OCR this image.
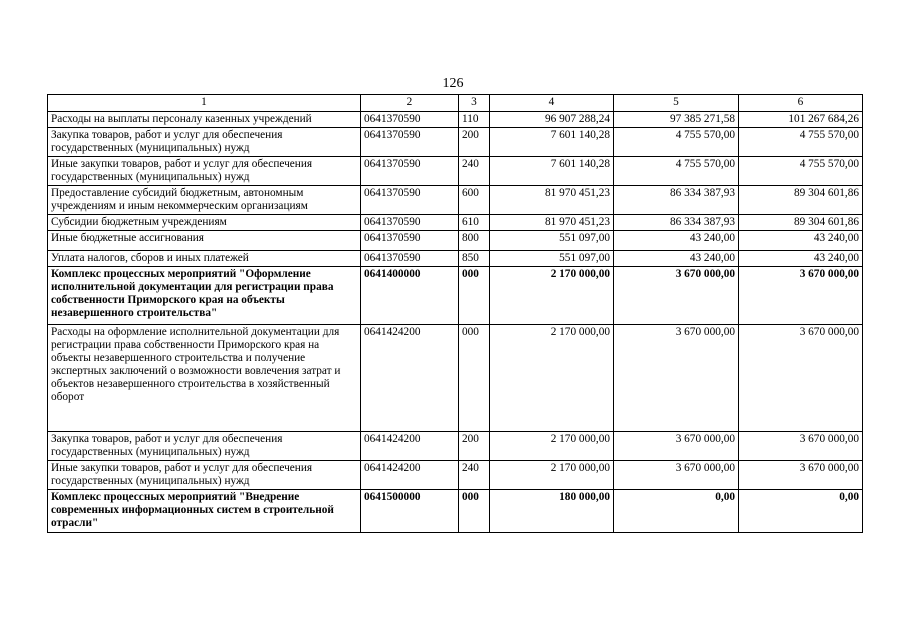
126
1	2	3	4	5	6
Расходы на выплаты персоналу казенных учреждений	0641370590	110	96 907 288,24	97 385 271,58	101 267 684,26
Закупка товаров, работ и услуг для обеспечения государственных (муниципальных) нужд	0641370590	200	7 601 140,28	4 755 570,00	4 755 570,00
Иные закупки товаров, работ и услуг для обеспечения государственных (муниципальных) нужд	0641370590	240	7 601 140,28	4 755 570,00	4 755 570,00
Предоставление субсидий бюджетным, автономным учреждениям и иным некоммерческим организациям	0641370590	600	81 970 451,23	86 334 387,93	89 304 601,86
Субсидии бюджетным учреждениям	0641370590	610	81 970 451,23	86 334 387,93	89 304 601,86
Иные бюджетные ассигнования	0641370590	800	551 097,00	43 240,00	43 240,00
Уплата налогов, сборов и иных платежей	0641370590	850	551 097,00	43 240,00	43 240,00
Комплекс процессных мероприятий "Оформление исполнительной документации для регистрации права собственности Приморского края на объекты незавершенного строительства"	0641400000	000	2 170 000,00	3 670 000,00	3 670 000,00
Расходы на оформление исполнительной документации для регистрации права собственности Приморского края на объекты незавершенного строительства и получение экспертных заключений о возможности вовлечения затрат и объектов незавершенного строительства в хозяйственный оборот	0641424200	000	2 170 000,00	3 670 000,00	3 670 000,00
Закупка товаров, работ и услуг для обеспечения государственных (муниципальных) нужд	0641424200	200	2 170 000,00	3 670 000,00	3 670 000,00
Иные закупки товаров, работ и услуг для обеспечения государственных (муниципальных) нужд	0641424200	240	2 170 000,00	3 670 000,00	3 670 000,00
Комплекс процессных мероприятий "Внедрение современных информационных систем в строительной отрасли"	0641500000	000	180 000,00	0,00	0,00
